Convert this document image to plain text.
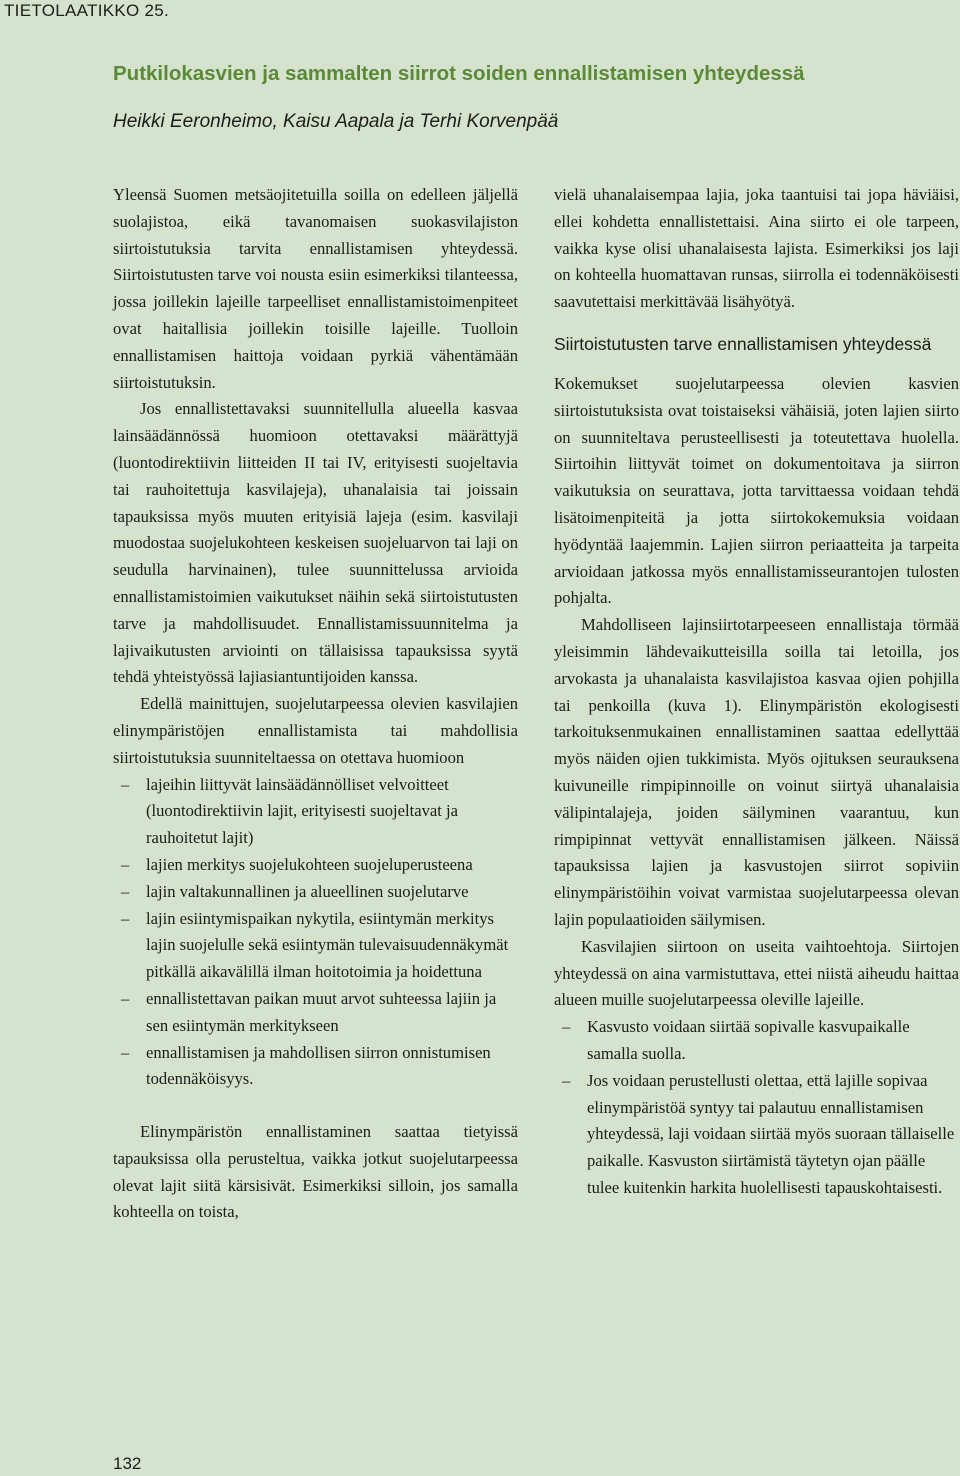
TIETOLAATIKKO 25.
Putkilokasvien ja sammalten siirrot soiden ennallistamisen yhteydessä
Heikki Eeronheimo, Kaisu Aapala ja Terhi Korvenpää

Yleensä Suomen metsäojitetuilla soilla on edelleen jäljellä suolajistoa, eikä tavanomaisen suokasvilajiston siirtoistutuksia tarvita ennallistamisen yhteydessä. Siirtoistutusten tarve voi nousta esiin esimerkiksi tilanteessa, jossa joillekin lajeille tarpeelliset ennallistamistoimenpiteet ovat haitallisia joillekin toisille lajeille. Tuolloin ennallistamisen haittoja voidaan pyrkiä vähentämään siirtoistutuksin.

Jos ennallistettavaksi suunnitellulla alueella kasvaa lainsäädännössä huomioon otettavaksi määrättyjä (luontodirektiivin liitteiden II tai IV, erityisesti suojeltavia tai rauhoitettuja kasvilajeja), uhanalaisia tai joissain tapauksissa myös muuten erityisiä lajeja (esim. kasvilaji muodostaa suojelukohteen keskeisen suojeluarvon tai laji on seudulla harvinainen), tulee suunnittelussa arvioida ennallistamistoimien vaikutukset näihin sekä siirtoistutusten tarve ja mahdollisuudet. Ennallistamissuunnitelma ja lajivaikutusten arviointi on tällaisissa tapauksissa syytä tehdä yhteistyössä lajiasiantuntijoiden kanssa.

Edellä mainittujen, suojelutarpeessa olevien kasvilajien elinympäristöjen ennallistamista tai mahdollisia siirtoistutuksia suunniteltaessa on otettava huomioon

– lajeihin liittyvät lainsäädännölliset velvoitteet (luontodirektiivin lajit, erityisesti suojeltavat ja rauhoitetut lajit)
– lajien merkitys suojelukohteen suojeluperusteena
– lajin valtakunnallinen ja alueellinen suojelutarve
– lajin esiintymispaikan nykytila, esiintymän merkitys lajin suojelulle sekä esiintymän tulevaisuudennäkymät pitkällä aikavälillä ilman hoitotoimia ja hoidettuna
– ennallistettavan paikan muut arvot suhteessa lajiin ja sen esiintymän merkitykseen
– ennallistamisen ja mahdollisen siirron onnistumisen todennäköisyys.

Elinympäristön ennallistaminen saattaa tietyissä tapauksissa olla perusteltua, vaikka jotkut suojelutarpeessa olevat lajit siitä kärsisivät. Esimerkiksi silloin, jos samalla kohteella on toista,

vielä uhanalaisempaa lajia, joka taantuisi tai jopa häviäisi, ellei kohdetta ennallistettaisi. Aina siirto ei ole tarpeen, vaikka kyse olisi uhanalaisesta lajista. Esimerkiksi jos laji on kohteella huomattavan runsas, siirrolla ei todennäköisesti saavutettaisi merkittävää lisähyötyä.

Siirtoistutusten tarve ennallistamisen yhteydessä

Kokemukset suojelutarpeessa olevien kasvien siirtoistutuksista ovat toistaiseksi vähäisiä, joten lajien siirto on suunniteltava perusteellisesti ja toteutettava huolella. Siirtoihin liittyvät toimet on dokumentoitava ja siirron vaikutuksia on seurattava, jotta tarvittaessa voidaan tehdä lisätoimenpiteitä ja jotta siirtokokemuksia voidaan hyödyntää laajemmin. Lajien siirron periaatteita ja tarpeita arvioidaan jatkossa myös ennallistamisseurantojen tulosten pohjalta.

Mahdolliseen lajinsiirtotarpeeseen ennallistaja törmää yleisimmin lähdevaikutteisilla soilla tai letoilla, jos arvokasta ja uhanalaista kasvilajistoa kasvaa ojien pohjilla tai penkoilla (kuva 1). Elinympäristön ekologisesti tarkoituksenmukainen ennallistaminen saattaa edellyttää myös näiden ojien tukkimista. Myös ojituksen seurauksena kuivuneille rimpipinnoille on voinut siirtyä uhanalaisia välipintalajeja, joiden säilyminen vaarantuu, kun rimpipinnat vettyvät ennallistamisen jälkeen. Näissä tapauksissa lajien ja kasvustojen siirrot sopiviin elinympäristöihin voivat varmistaa suojelutarpeessa olevan lajin populaatioiden säilymisen.

Kasvilajien siirtoon on useita vaihtoehtoja. Siirtojen yhteydessä on aina varmistuttava, ettei niistä aiheudu haittaa alueen muille suojelutarpeessa oleville lajeille.

– Kasvusto voidaan siirtää sopivalle kasvupaikalle samalla suolla.
– Jos voidaan perustellusti olettaa, että lajille sopivaa elinympäristöä syntyy tai palautuu ennallistamisen yhteydessä, laji voidaan siirtää myös suoraan tällaiselle paikalle. Kasvuston siirtämistä täytetyn ojan päälle tulee kuitenkin harkita huolellisesti tapauskohtaisesti.
132
